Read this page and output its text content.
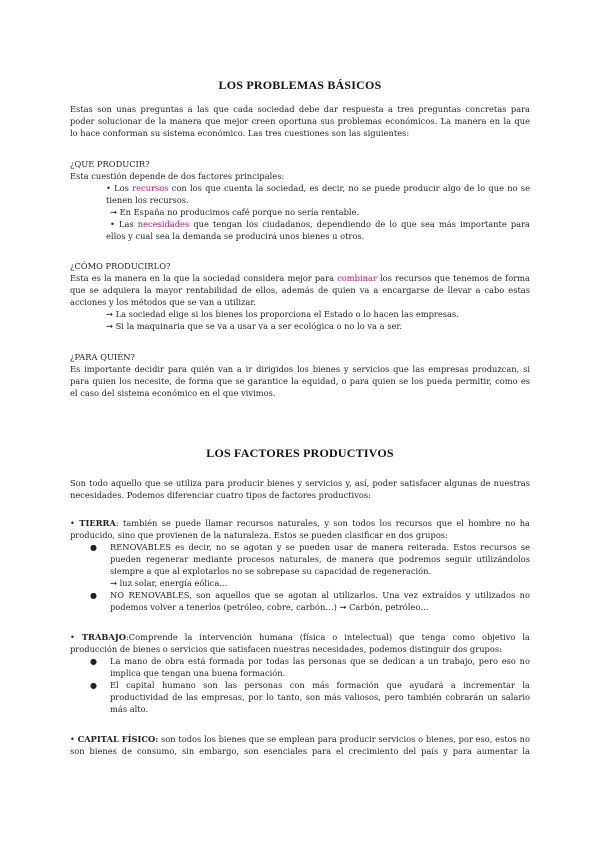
LOS PROBLEMAS BÁSICOS
Estas son unas preguntas a las que cada sociedad debe dar respuesta a tres preguntas concretas para
poder solucionar de la manera que mejor creen oportuna sus problemas económicos. La manera en la que
lo hace conforman su sistema económico. Las tres cuestiones son las siguientes:
¿QUE PRODUCIR?
Esta cuestión depende de dos factores principales:
• Los recursos con los que cuenta la sociedad, es decir, no se puede producir algo de lo que no se
tienen los recursos.
➞ En España no producimos café porque no sería rentable.
• Las necesidades que tengan los ciudadanos, dependiendo de lo que sea más importante para
ellos y cual sea la demanda se producirá unos bienes u otros.
¿CÓMO PRODUCIRLO?
Esta es la manera en la que la sociedad considera mejor para combinar los recursos que tenemos de forma
que se adquiera la mayor rentabilidad de ellos, además de quien va a encargarse de llevar a cabo estas
acciones y los métodos que se van a utilizar.
➞ La sociedad elige si los bienes los proporciona el Estado o lo hacen las empresas.
➞ Si la maquinaria que se va a usar va a ser ecológica o no lo va a ser.
¿PARA QUIÉN?
Es importante decidir para quién van a ir dirigidos los bienes y servicios que las empresas produzcan, si
para quien los necesite, de forma que se garantice la equidad, o para quien se los pueda permitir, como es
el caso del sistema económico en el que vivimos.
LOS FACTORES PRODUCTIVOS
Son todo aquello que se utiliza para producir bienes y servicios y, así, poder satisfacer algunas de nuestras
necesidades. Podemos diferenciar cuatro tipos de factores productivos:
• TIERRA: también se puede llamar recursos naturales, y son todos los recursos que el hombre no ha
producido, sino que provienen de la naturaleza. Estos se pueden clasificar en dos grupos:
● RENOVABLES es decir, no se agotan y se pueden usar de manera reiterada. Estos recursos se
pueden regenerar mediante procesos naturales, de manera que podremos seguir utilizándolos
siempre a que al explotarlos no se sobrepase su capacidad de regeneración.
➞ luz solar, energía eólica…
● NO RENOVABLES, son aquellos que se agotan al utilizarlos. Una vez extraídos y utilizados no
podemos volver a tenerlos (petróleo, cobre, carbón…) ➞ Carbón, petróleo…
• TRABAJO:Comprende la intervención humana (física o intelectual) que tenga como objetivo la
producción de bienes o servicios que satisfacen nuestras necesidades, podemos distinguir dos grupos:
● La mano de obra está formada por todas las personas que se dedican a un trabajo, pero eso no
implica que tengan una buena formación.
● El capital humano son las personas con más formación que ayudará a incrementar la
productividad de las empresas, por lo tanto, son más valiosos, pero también cobrarán un salario
más alto.
• CAPITAL FÍSICO: son todos los bienes que se emplean para producir servicios o bienes, por eso, estos no
son bienes de consumo, sin embargo, son esenciales para el crecimiento del país y para aumentar la
